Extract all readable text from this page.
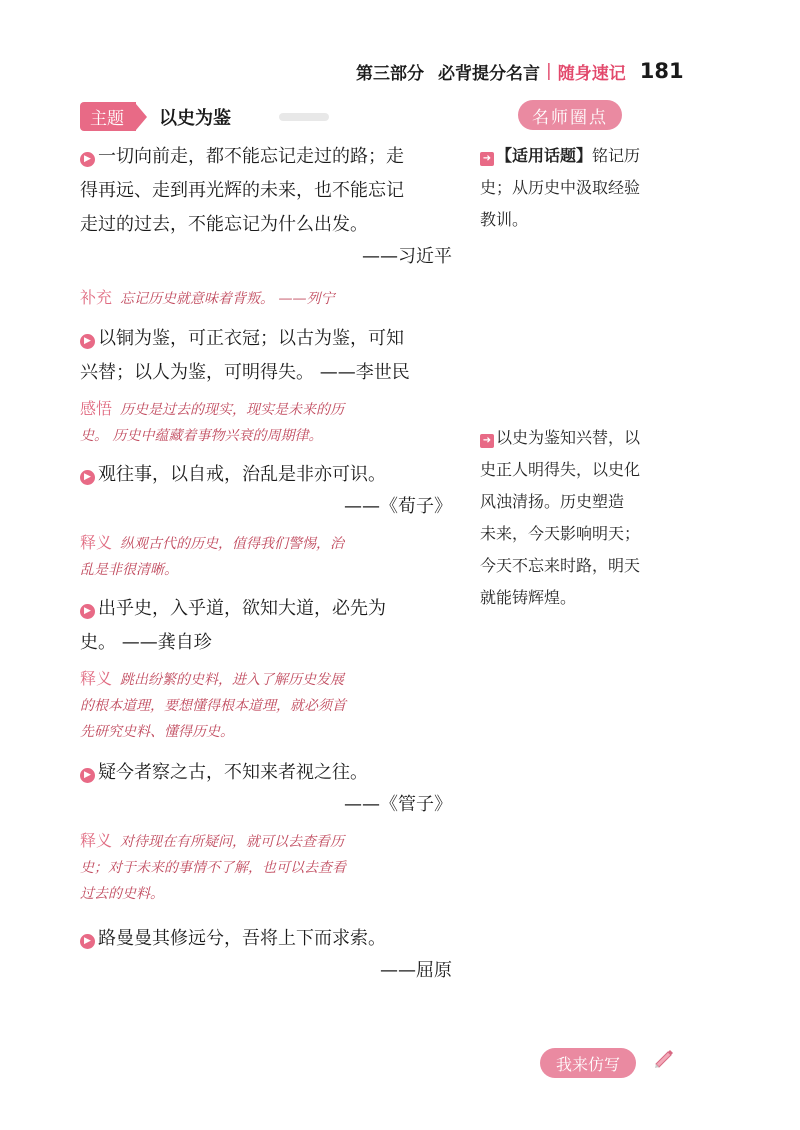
第三部分 必背提分名言 | 随身速记 181
主题	以史为鉴	名师圈点
▶ 一切向前走，都不能忘记走过的路；走
得再远、走到再光辉的未来，也不能忘记
走过的过去，不能忘记为什么出发。
——习近平
补充 忘记历史就意味着背叛。 ——列宁
▶ 以铜为鉴，可正衣冠；以古为鉴，可知
兴替；以人为鉴，可明得失。 ——李世民
感悟 历史是过去的现实，现实是未来的历
史。 历史中蕴藏着事物兴衰的周期律。
▶ 观往事，以自戒，治乱是非亦可识。
——《荀子》
释义 纵观古代的历史，值得我们警惕，治
乱是非很清晰。
▶ 出乎史，入乎道，欲知大道，必先为
史。 ——龚自珍
释义 跳出纷繁的史料，进入了解历史发展
的根本道理，要想懂得根本道理，就必须首
先研究史料、懂得历史。
▶ 疑今者察之古，不知来者视之往。
——《管子》
释义 对待现在有所疑问，就可以去查看历
史；对于未来的事情不了解，也可以去查看
过去的史料。
▶ 路曼曼其修远兮，吾将上下而求索。
——屈原
➜ 【适用话题】铭记历
史；从历史中汲取经验
教训。
➜ 以史为鉴知兴替，以
史正人明得失，以史化
风浊清扬。历史塑造
未来，今天影响明天；
今天不忘来时路，明天
就能铸辉煌。
我来仿写
